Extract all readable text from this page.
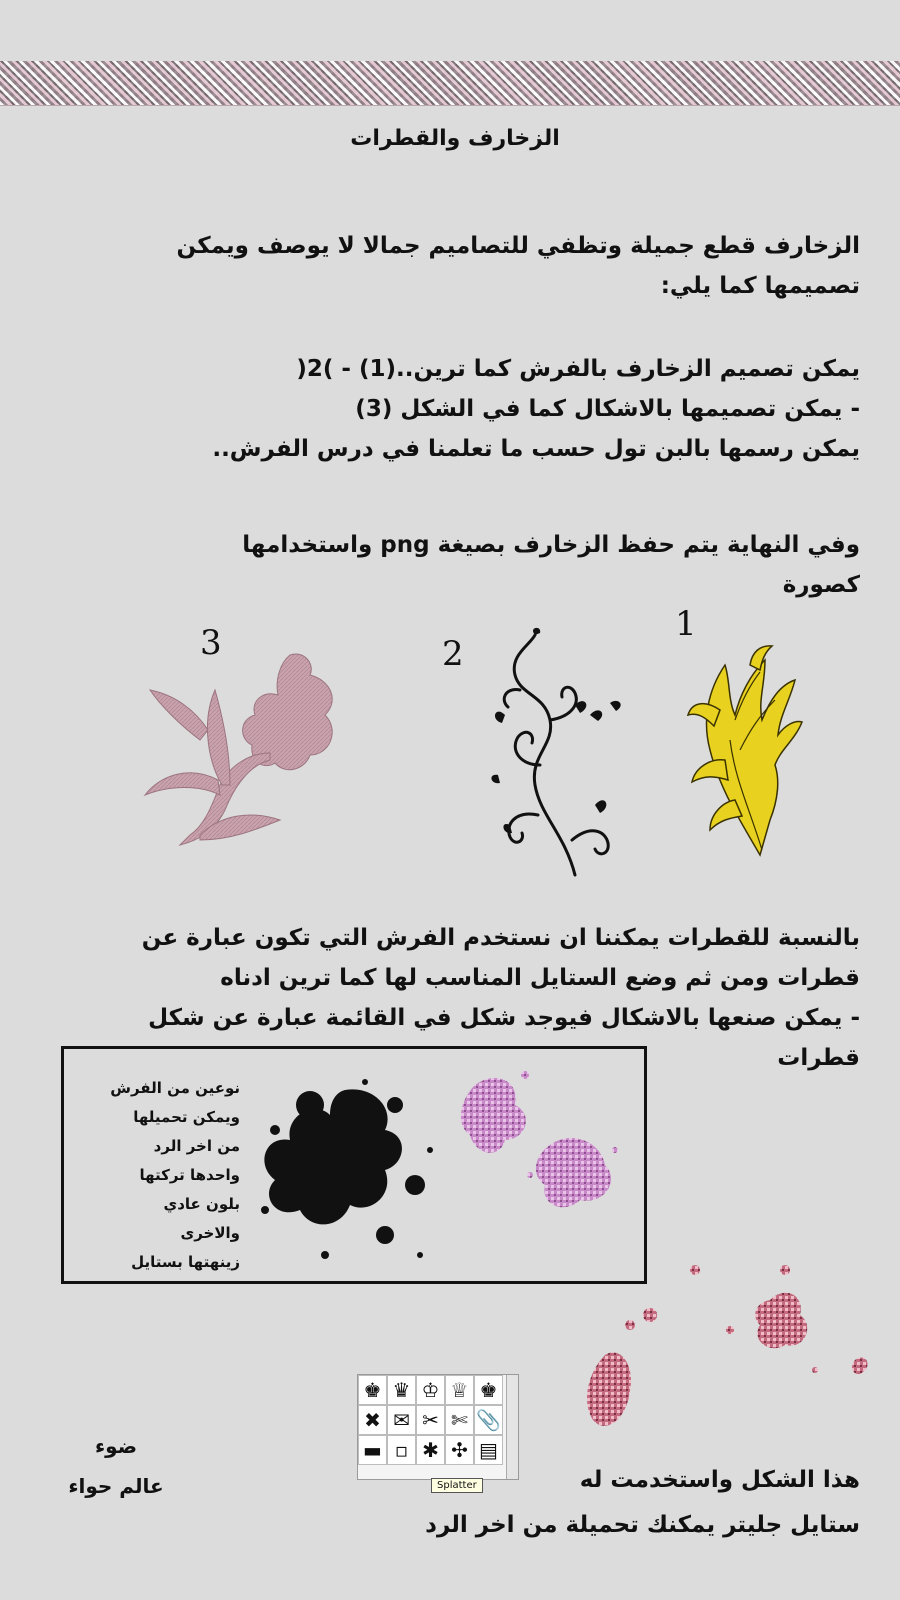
الزخارف والقطرات
الزخارف قطع جميلة وتظفي للتصاميم جمالا لا يوصف ويمكن
تصميمها كما يلي:
يمكن تصميم الزخارف بالفرش كما ترين..(1) - )2(
- يمكن تصميمها بالاشكال كما في الشكل (3)
يمكن رسمها بالبن تول حسب ما تعلمنا في درس الفرش..
وفي النهاية يتم حفظ الزخارف بصيغة png واستخدامها
كصورة
1
2
3
بالنسبة للقطرات يمكننا ان نستخدم الفرش التي تكون عبارة عن
قطرات ومن ثم وضع الستايل المناسب لها كما ترين ادناه
- يمكن صنعها بالاشكال فيوجد شكل في القائمة عبارة عن شكل
قطرات
نوعين من الفرش
ويمكن تحميلها
من اخر الرد
واحدها تركتها
بلون عادي
والاخرى
زينهتها بستايل
♚ ♛ ♔ ♕ ♚
✖ ✉ ✂ ✄ 📎
▬ ▫ ✱ ✣ ▤
Splatter
ضوء
عالم حواء	هذا الشكل واستخدمت له
ستايل جليتر يمكنك تحميلة من اخر الرد
